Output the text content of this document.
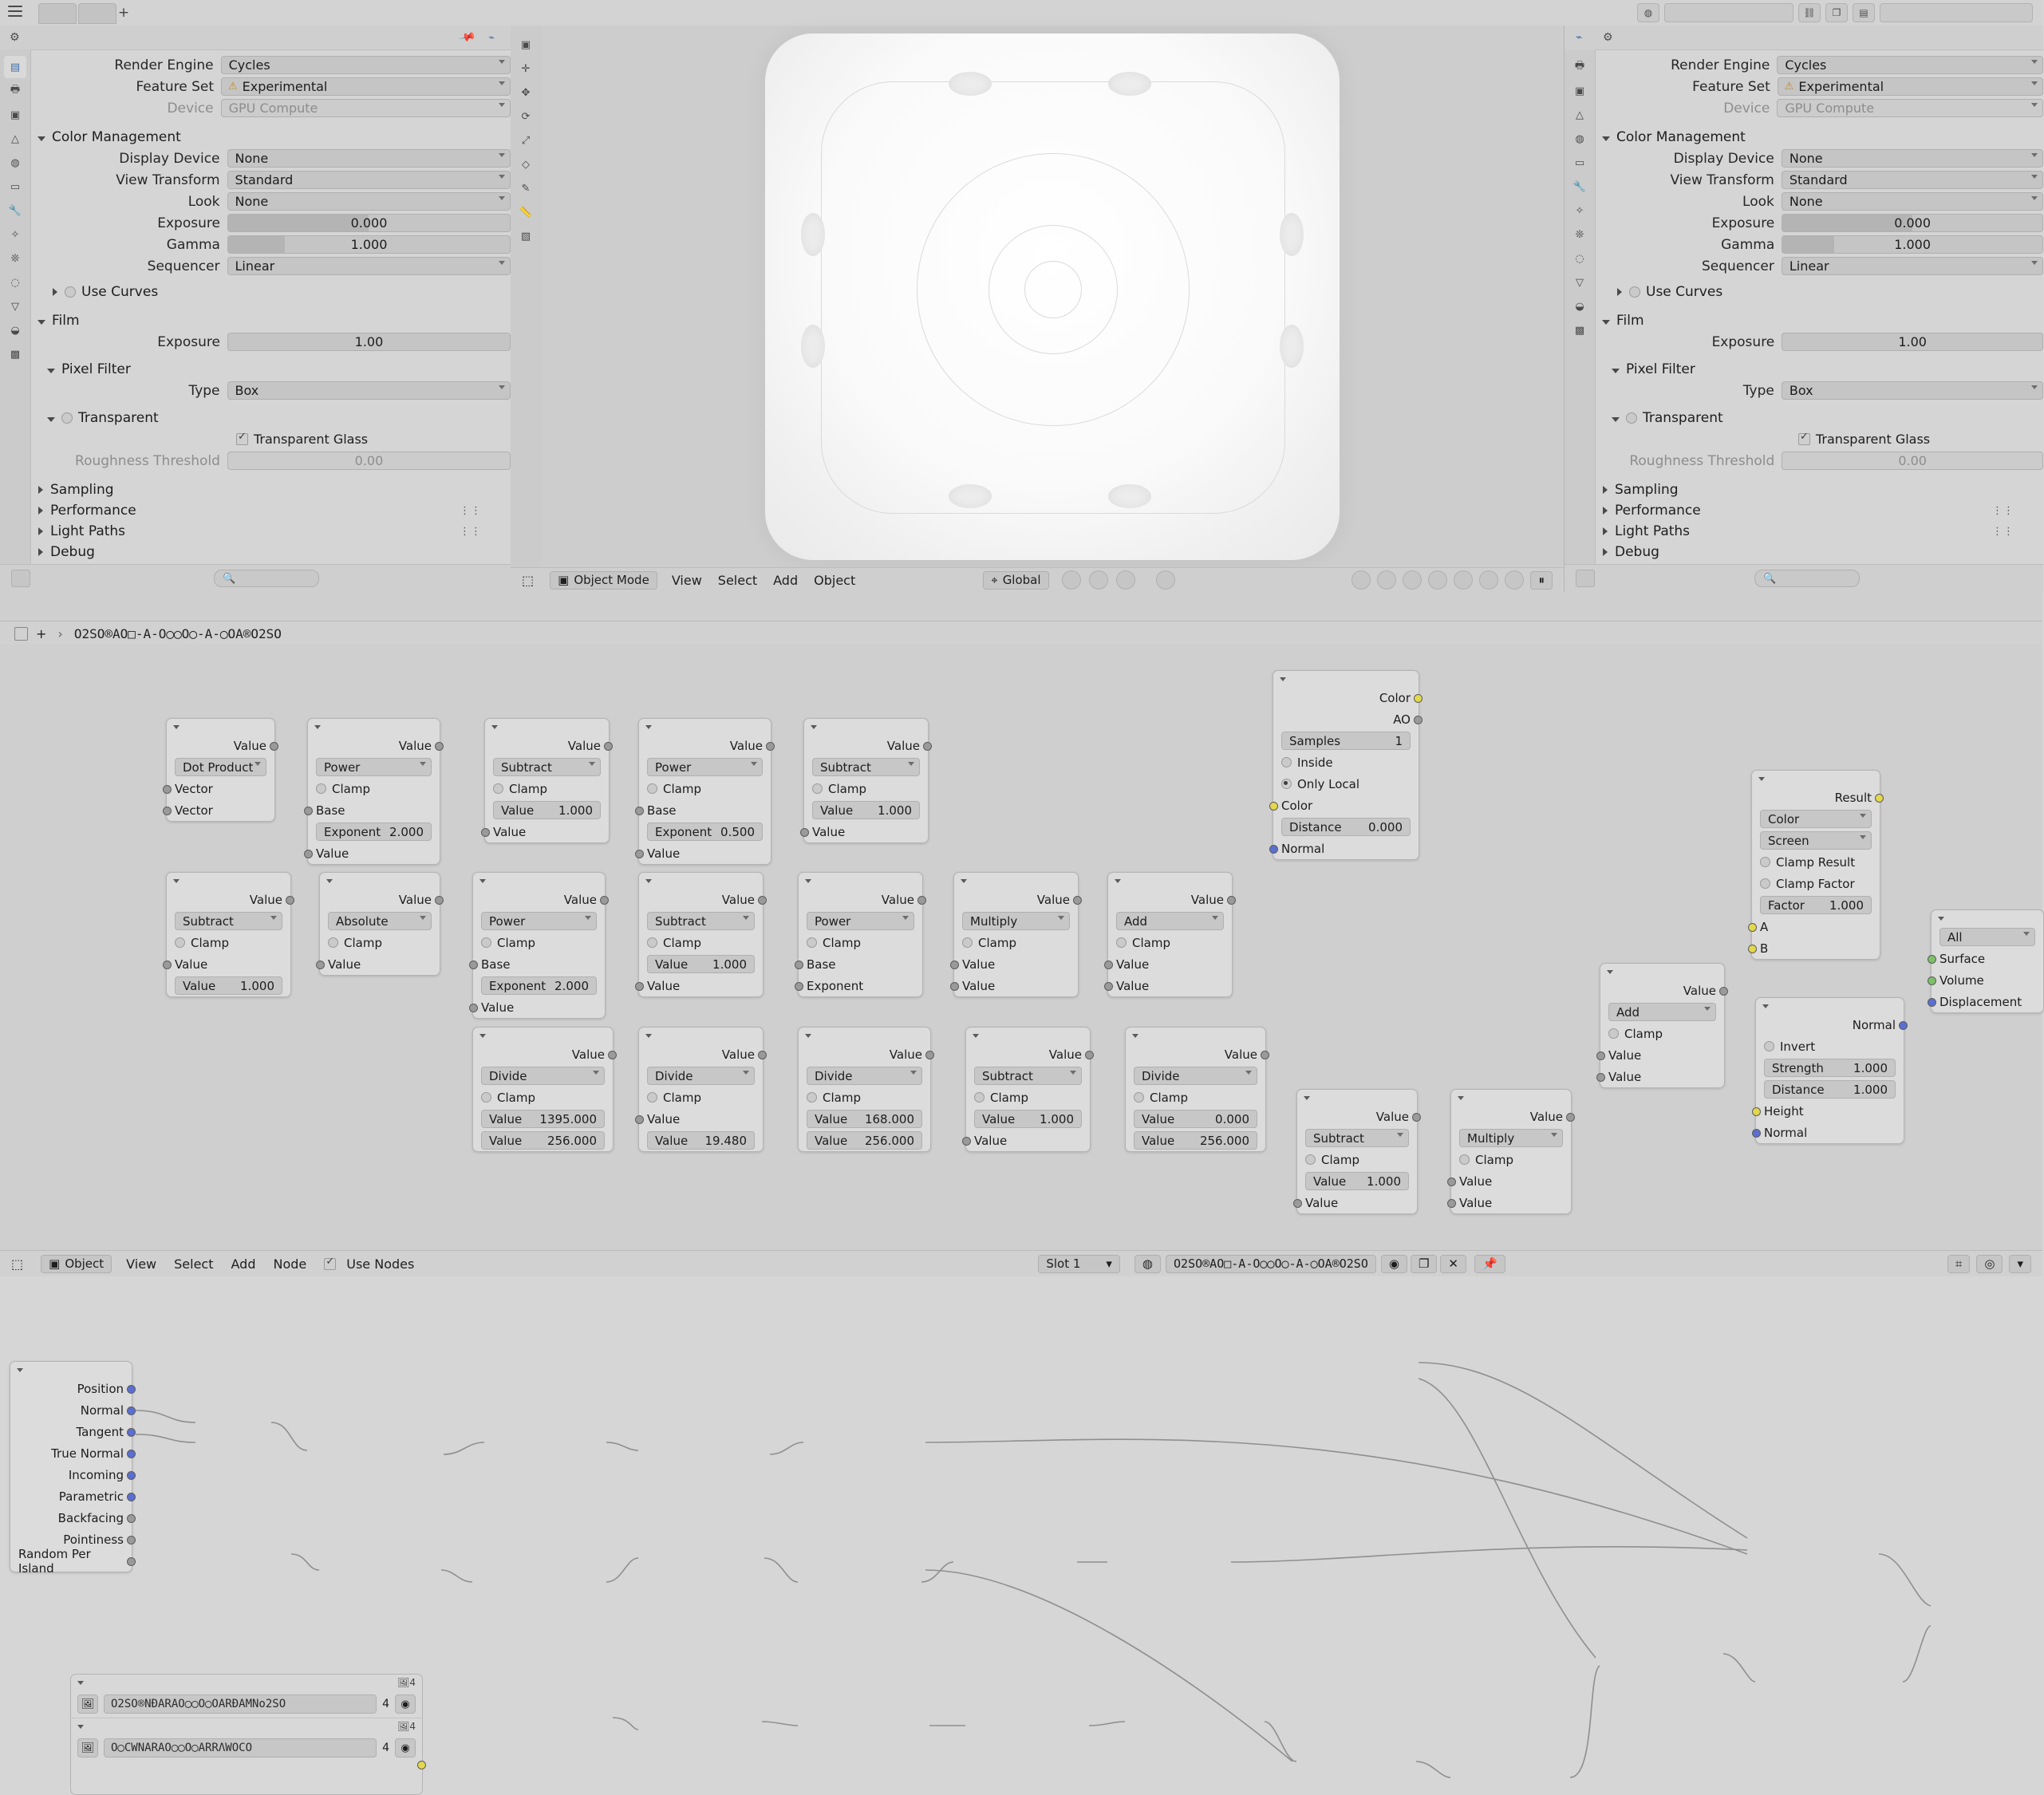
+	◍	⛓	❐	▤
⚙	📌	⌁
▤
🖶
▣
△
◍
▭
🔧
✧
❊
◌
▽
◒
▩
Render Engine	Cycles
Feature Set	⚠ Experimental
Device	GPU Compute
Color Management
Display Device	None
View Transform	Standard
Look	None
Exposure	0.000
Gamma	1.000
Sequencer	Linear
Use Curves
Film
Exposure	1.00
Pixel Filter
Type	Box
Transparent
✓
Transparent Glass
Roughness Threshold	0.00
Sampling
Performance	⋮⋮
Light Paths	⋮⋮
Debug
🔍
▣
✛
✥
⟳
⤢
◇
✎
📏
▧
⬚ ▣ Object Mode View Select Add Object	⌖ Global	⏸
⌁ ⚙
🖶
▣
△
◍
▭
🔧
✧
❊
◌
▽
◒
▩
Render Engine	Cycles
Feature Set	⚠ Experimental
Device	GPU Compute
Color Management
Display Device	None
View Transform	Standard
Look	None
Exposure	0.000
Gamma	1.000
Sequencer	Linear
Use Curves
Film
Exposure	1.00
Pixel Filter
Type	Box
Transparent
✓
Transparent Glass
Roughness Threshold	0.00
Sampling
Performance	⋮⋮
Light Paths	⋮⋮
Debug
🔍
+ › O2SO®AO□-A-O◯◯O◯-A-◯OA®O2SO
Position
Normal
Tangent
True Normal
Incoming
Parametric
Backfacing
Pointiness
Random Per Island
🖼4
🖼	O2SO®NÐARAO◯◯O◯OARÐAMNo2SO	4	◉
🖼4
🖼	O◯CWNARAO◯◯O◯ARRΛWOCO	4	◉
Value
Dot Product
Vector
Vector
Value
Power
Clamp
Base
Exponent 2.000
Value
Value
Subtract
Clamp
Value 1.000
Value
Value
Power
Clamp
Base
Exponent 0.500
Value
Value
Subtract
Clamp
Value 1.000
Value
Color
AO
Samples	1
Inside
Only Local
Color
Distance 0.000
Normal
Value
Subtract
Clamp
Value
Value 1.000
Value
Absolute
Clamp
Value
Value
Power
Clamp
Base
Exponent 2.000
Value
Value
Subtract
Clamp
Value 1.000
Value
Value
Power
Clamp
Base
Exponent
Value
Multiply
Clamp
Value
Value
Value
Add
Clamp
Value
Value
Result
Color
Screen
Clamp Result
Clamp Factor
Factor 1.000
A
B
All
Surface
Volume
Displacement
Value
Add
Clamp
Value
Value
Normal
Invert
Strength 1.000
Distance 1.000
Height
Normal
Value
Divide
Clamp
Value 1395.000
Value 256.000
Value
Divide
Clamp
Value
Value 19.480
Value
Divide
Clamp
Value 168.000
Value 256.000
Value
Subtract
Clamp
Value 1.000
Value
Value
Divide
Clamp
Value	0.000
Value 256.000
Value
Subtract
Clamp
Value 1.000
Value
Value
Multiply
Clamp
Value
Value
⬚ ▣ Object View Select Add Node ✓	Use Nodes	Slot 1 ▾	◍	O2SO®AO□-A-O◯◯O◯-A-◯OA®O2SO	◉	❐	✕	📌	⌗	◎	▾
